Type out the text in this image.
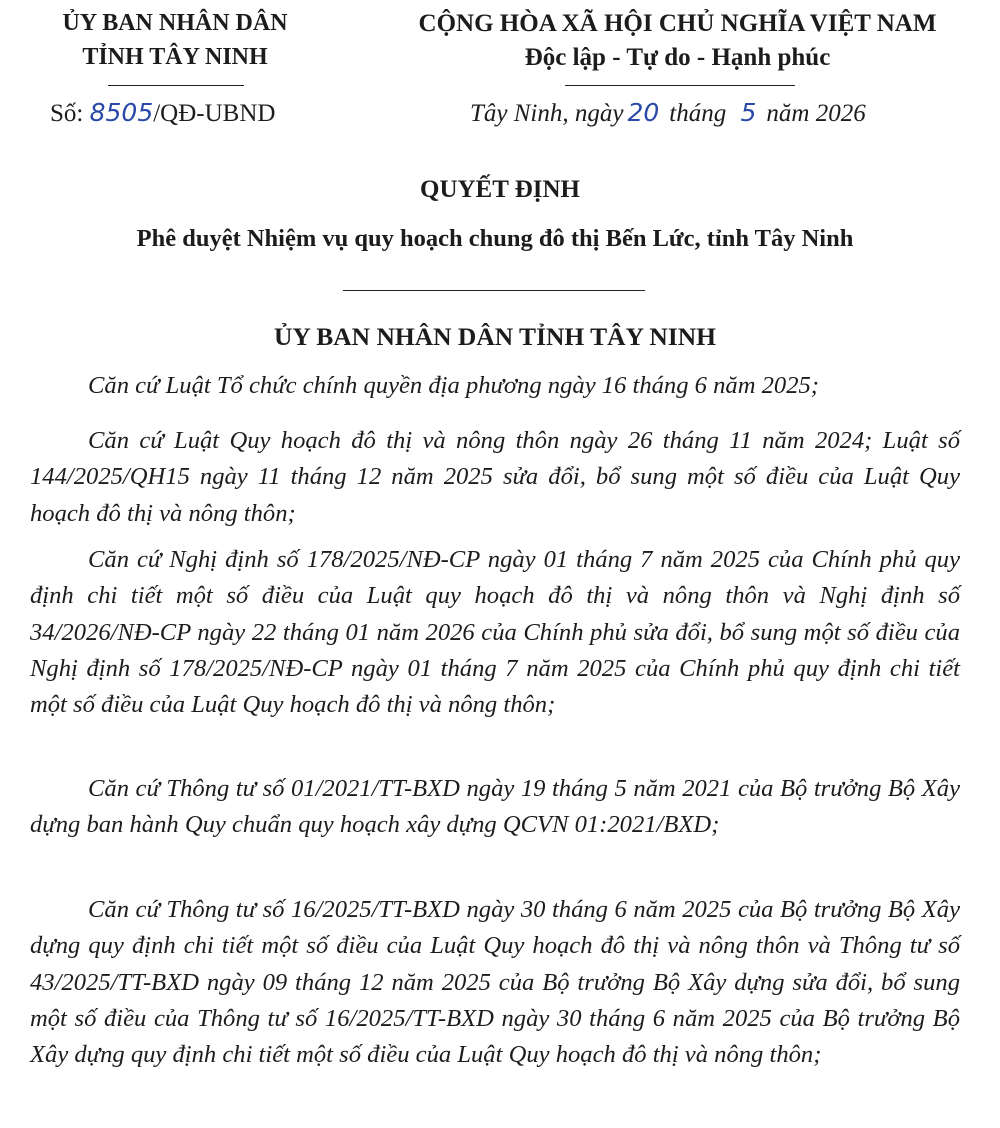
ỦY BAN NHÂN DÂN
TỈNH TÂY NINH
Số: 8505/QĐ-UBND
CỘNG HÒA XÃ HỘI CHỦ NGHĨA VIỆT NAM
Độc lập - Tự do - Hạnh phúc
Tây Ninh, ngày 20 tháng 5 năm 2026
QUYẾT ĐỊNH
Phê duyệt Nhiệm vụ quy hoạch chung đô thị Bến Lức, tỉnh Tây Ninh
ỦY BAN NHÂN DÂN TỈNH TÂY NINH
Căn cứ Luật Tổ chức chính quyền địa phương ngày 16 tháng 6 năm 2025;
Căn cứ Luật Quy hoạch đô thị và nông thôn ngày 26 tháng 11 năm 2024; Luật số 144/2025/QH15 ngày 11 tháng 12 năm 2025 sửa đổi, bổ sung một số điều của Luật Quy hoạch đô thị và nông thôn;
Căn cứ Nghị định số 178/2025/NĐ-CP ngày 01 tháng 7 năm 2025 của Chính phủ quy định chi tiết một số điều của Luật quy hoạch đô thị và nông thôn và Nghị định số 34/2026/NĐ-CP ngày 22 tháng 01 năm 2026 của Chính phủ sửa đổi, bổ sung một số điều của Nghị định số 178/2025/NĐ-CP ngày 01 tháng 7 năm 2025 của Chính phủ quy định chi tiết một số điều của Luật Quy hoạch đô thị và nông thôn;
Căn cứ Thông tư số 01/2021/TT-BXD ngày 19 tháng 5 năm 2021 của Bộ trưởng Bộ Xây dựng ban hành Quy chuẩn quy hoạch xây dựng QCVN 01:2021/BXD;
Căn cứ Thông tư số 16/2025/TT-BXD ngày 30 tháng 6 năm 2025 của Bộ trưởng Bộ Xây dựng quy định chi tiết một số điều của Luật Quy hoạch đô thị và nông thôn và Thông tư số 43/2025/TT-BXD ngày 09 tháng 12 năm 2025 của Bộ trưởng Bộ Xây dựng sửa đổi, bổ sung một số điều của Thông tư số 16/2025/TT-BXD ngày 30 tháng 6 năm 2025 của Bộ trưởng Bộ Xây dựng quy định chi tiết một số điều của Luật Quy hoạch đô thị và nông thôn;
